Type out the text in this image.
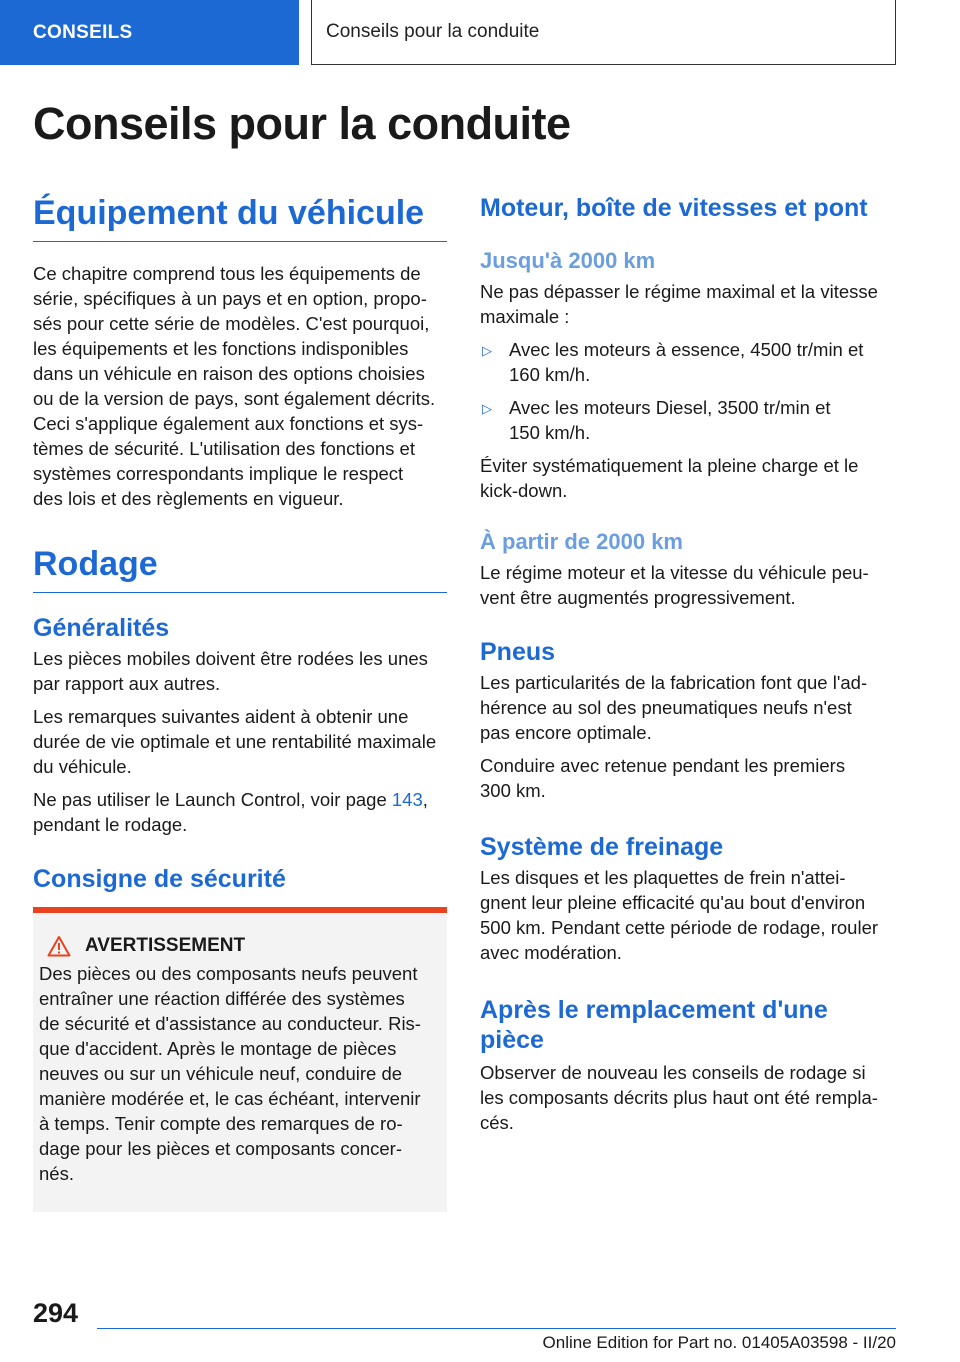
CONSEILS	Conseils pour la conduite
Conseils pour la conduite
Équipement du véhicule

Ce chapitre comprend tous les équipements de
série, spécifiques à un pays et en option, propo-
sés pour cette série de modèles. C'est pourquoi,
les équipements et les fonctions indisponibles
dans un véhicule en raison des options choisies
ou de la version de pays, sont également décrits.
Ceci s'applique également aux fonctions et sys-
tèmes de sécurité. L'utilisation des fonctions et
systèmes correspondants implique le respect
des lois et des règlements en vigueur.

Rodage
Généralités

Les pièces mobiles doivent être rodées les unes
par rapport aux autres.

Les remarques suivantes aident à obtenir une
durée de vie optimale et une rentabilité maximale
du véhicule.

Ne pas utiliser le Launch Control, voir page 143,
pendant le rodage.

Consigne de sécurité
AVERTISSEMENT

Des pièces ou des composants neufs peuvent
entraîner une réaction différée des systèmes
de sécurité et d'assistance au conducteur. Ris-
que d'accident. Après le montage de pièces
neuves ou sur un véhicule neuf, conduire de
manière modérée et, le cas échéant, intervenir
à temps. Tenir compte des remarques de ro-
dage pour les pièces et composants concer-
nés.

Moteur, boîte de vitesses et pont
Jusqu'à 2000 km

Ne pas dépasser le régime maximal et la vitesse
maximale :

▷ Avec les moteurs à essence, 4500 tr/min et
160 km/h.
▷ Avec les moteurs Diesel, 3500 tr/min et
150 km/h.

Éviter systématiquement la pleine charge et le
kick-down.

À partir de 2000 km

Le régime moteur et la vitesse du véhicule peu-
vent être augmentés progressivement.

Pneus

Les particularités de la fabrication font que l'ad-
hérence au sol des pneumatiques neufs n'est
pas encore optimale.

Conduire avec retenue pendant les premiers
300 km.

Système de freinage

Les disques et les plaquettes de frein n'attei-
gnent leur pleine efficacité qu'au bout d'environ
500 km. Pendant cette période de rodage, rouler
avec modération.

Après le remplacement d'une
pièce

Observer de nouveau les conseils de rodage si
les composants décrits plus haut ont été rempla-
cés.

294
Online Edition for Part no. 01405A03598 - II/20
